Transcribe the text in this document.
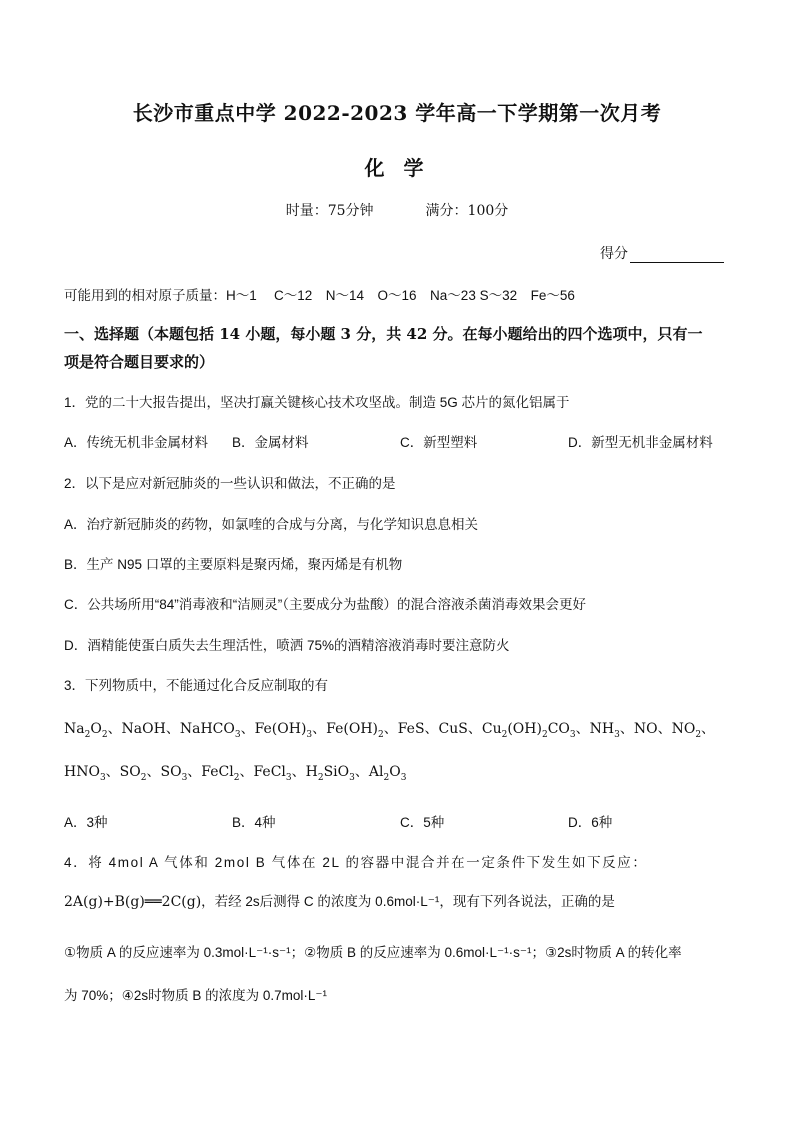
长沙市重点中学 2022-2023 学年高一下学期第一次月考
化 学
时量：75分钟	满分：100分
得分
可能用到的相对原子质量：H～1　 C～12　N～14　O～16　Na～23 S～32　Fe～56
一、选择题（本题包括 14 小题，每小题 3 分，共 42 分。在每小题给出的四个选项中，只有一
项是符合题目要求的）
1．党的二十大报告提出，坚决打赢关键核心技术攻坚战。制造 5G 芯片的氮化铝属于
A．传统无机非金属材料 B．金属材料	C．新型塑料	D．新型无机非金属材料
2．以下是应对新冠肺炎的一些认识和做法，不正确的是
A．治疗新冠肺炎的药物，如氯喹的合成与分离，与化学知识息息相关
B．生产 N95 口罩的主要原料是聚丙烯，聚丙烯是有机物
C．公共场所用“84”消毒液和“洁厕灵”（主要成分为盐酸）的混合溶液杀菌消毒效果会更好
D．酒精能使蛋白质失去生理活性，喷洒 75%的酒精溶液消毒时要注意防火
3．下列物质中，不能通过化合反应制取的有
$Na_2O_2$、NaOH、NaHCO$_3$、$Fe(OH)_3$、$Fe(OH)_2$、FeS、CuS、$Cu_2(OH)_2CO_3$、$NH_3$、NO、$NO_2$、
$HNO_3$、$SO_2$、$SO_3$、FeCl$_2$、FeCl$_3$、$H_2SiO_3$、$Al_2O_3$
A．3种	B．4种	C．5种	D．6种
4．将 4mol A 气体和 2mol B 气体在 2L 的容器中混合并在一定条件下发生如下反应：
2A(g)+B(g)══2C(g)，若经 2s后测得 C 的浓度为 0.6mol·L⁻¹，现有下列各说法，正确的是
①物质 A 的反应速率为 0.3mol·L⁻¹·s⁻¹；②物质 B 的反应速率为 0.6mol·L⁻¹·s⁻¹；③2s时物质 A 的转化率
为 70%；④2s时物质 B 的浓度为 0.7mol·L⁻¹
